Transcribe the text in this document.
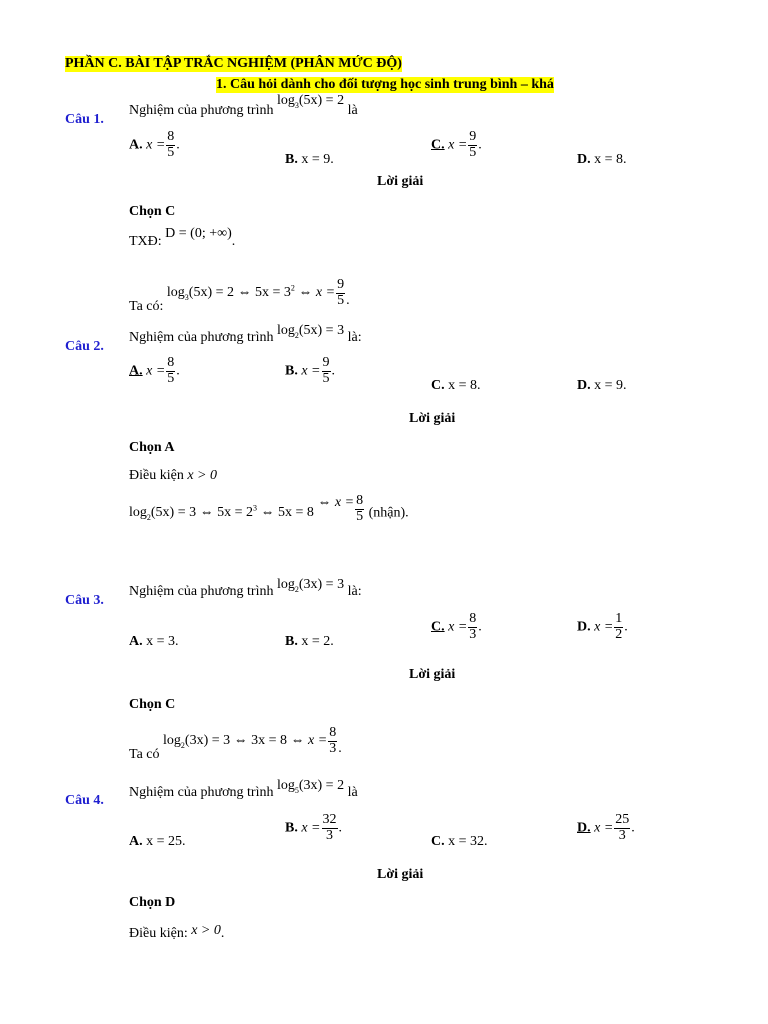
PHẦN C. BÀI TẬP TRẮC NGHIỆM (PHÂN MỨC ĐỘ)
1. Câu hỏi dành cho đối tượng học sinh trung bình – khá
Câu 1.
Nghiệm của phương trình $\log_3(5x) = 2$ là
A. $x = \frac{8}{5}$ .
B. x = 9.
C. $x = \frac{9}{5}$ .
D. x = 8.
Lời giải
Chọn C
TXĐ: D = (0; +∞).
Ta có: $\log_3(5x) = 2$ ⇔ $5x = 3^2$ ⇔ $x = \frac{9}{5}$ .
Câu 2.
Nghiệm của phương trình $\log_2(5x) = 3$ là:
A. $x = \frac{8}{5}$ .	B. $x = \frac{9}{5}$ .
C. x = 8.	D. x = 9.
Lời giải
Chọn A
Điều kiện x > 0
$\log_2(5x) = 3$ ⇔ $5x = 2^3$ ⇔ 5x = 8 ⇔ $x = \frac{8}{5}$ (nhận).
Câu 3.
Nghiệm của phương trình $\log_2(3x) = 3$ là:
A. x = 3.	B. x = 2.
C. $x = \frac{8}{3}$ .	D. $x = \frac{1}{2}$ .
Lời giải
Chọn C
Ta có $\log_2(3x) = 3$ ⇔ 3x = 8 ⇔ $x = \frac{8}{3}$ .
Câu 4.
Nghiệm của phương trình $\log_5(3x) = 2$ là
A. x = 25.
B. $x = \frac{32}{3}$ .
C. x = 32.
D. $x = \frac{25}{3}$ .
Lời giải
Chọn D
Điều kiện: x > 0.
